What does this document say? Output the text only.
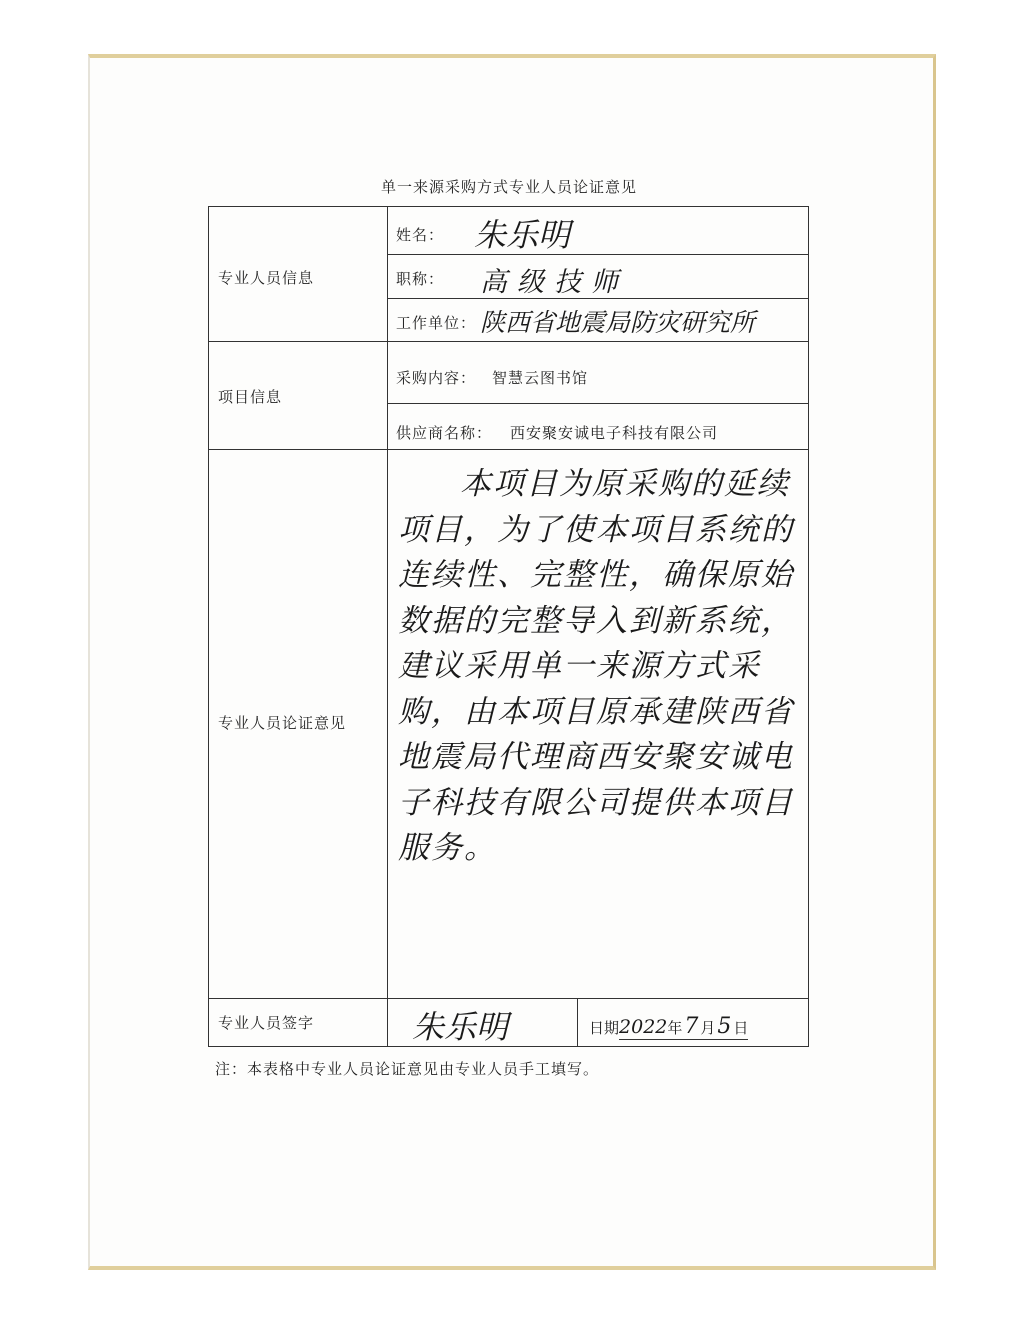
单一来源采购方式专业人员论证意见
专业人员信息
项目信息
专业人员论证意见
专业人员签字
姓名： 朱乐明
职称： 高级技师
工作单位： 陕西省地震局防灾研究所
采购内容： 智慧云图书馆
供应商名称： 西安聚安诚电子科技有限公司
本项目为原采购的延续项目，为了使本项目系统的连续性、完整性，确保原始数据的完整导入到新系统，建议采用单一来源方式采购，由本项目原承建陕西省地震局代理商西安聚安诚电子科技有限公司提供本项目服务。
朱乐明	日期2022年7 月5 日
注：本表格中专业人员论证意见由专业人员手工填写。
